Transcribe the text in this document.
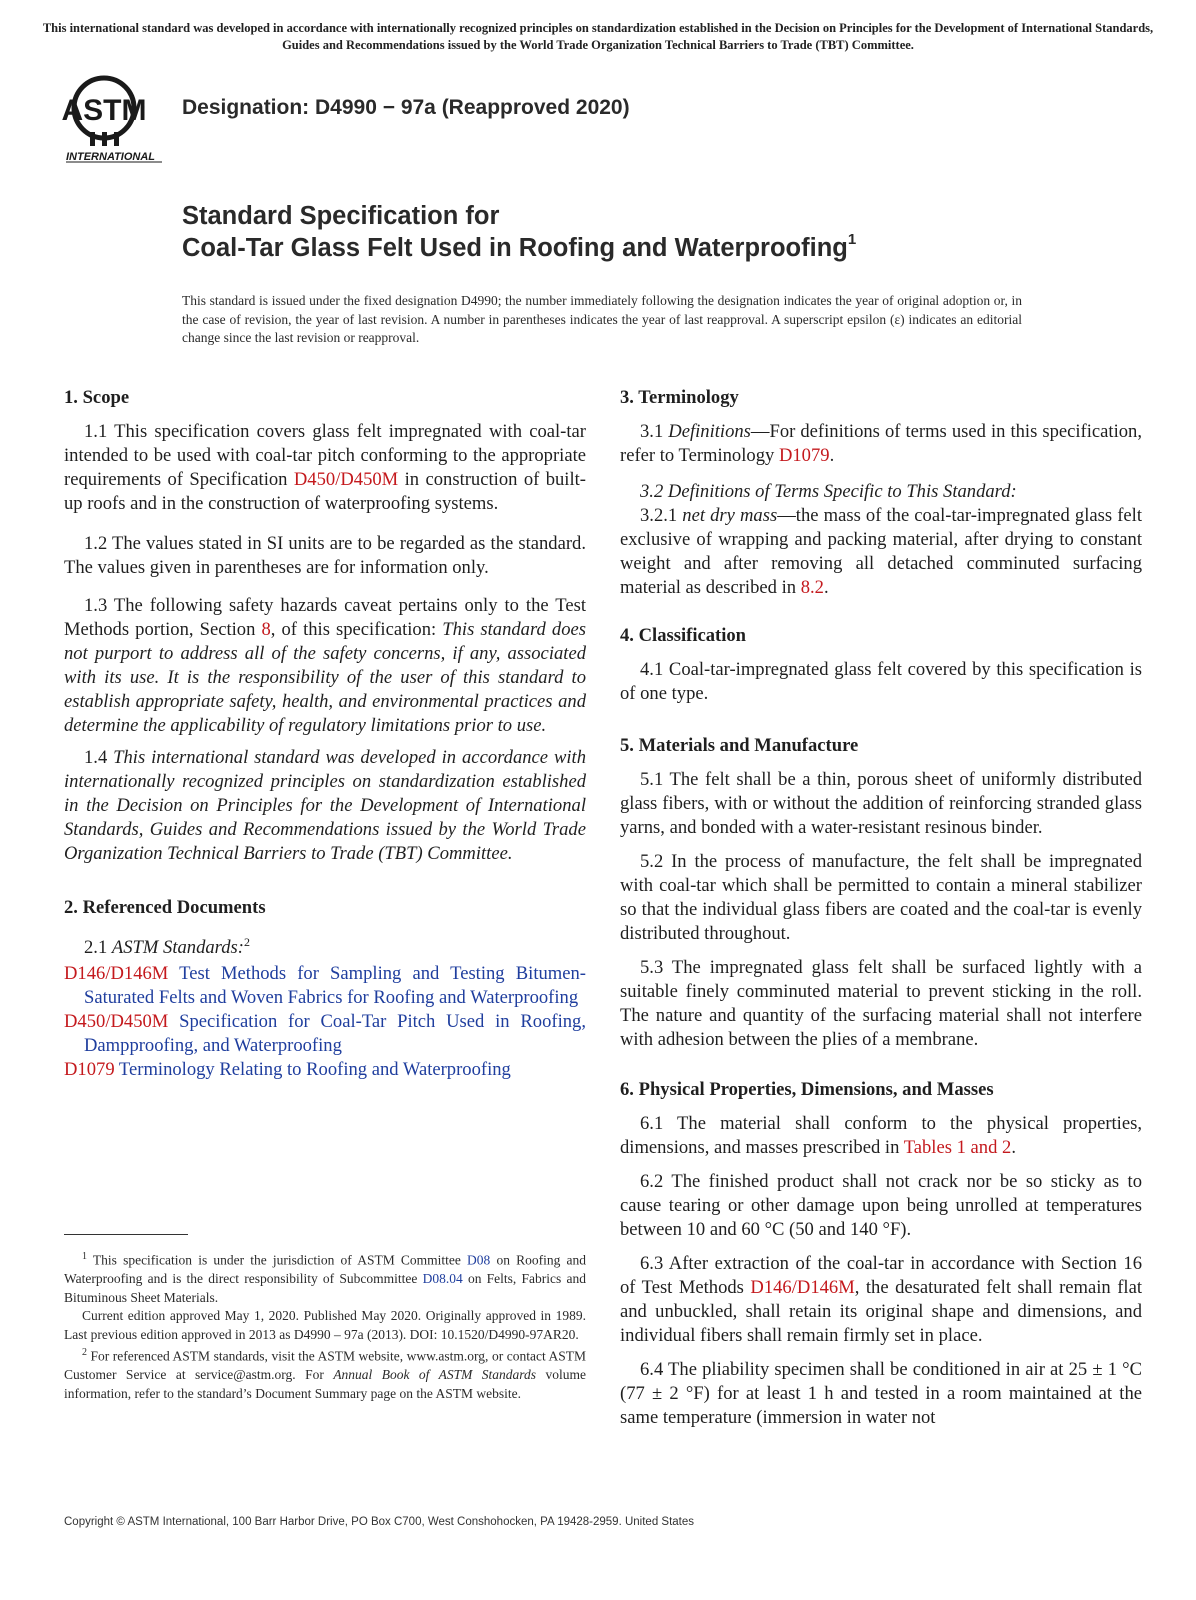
This international standard was developed in accordance with internationally recognized principles on standardization established in the Decision on Principles for the Development of International Standards, Guides and Recommendations issued by the World Trade Organization Technical Barriers to Trade (TBT) Committee.
ASTM
INTERNATIONAL
Designation: D4990 − 97a (Reapproved 2020)
Standard Specification for
Coal-Tar Glass Felt Used in Roofing and Waterproofing$^1$
This standard is issued under the fixed designation D4990; the number immediately following the designation indicates the year of original adoption or, in the case of revision, the year of last revision. A number in parentheses indicates the year of last reapproval. A superscript epsilon (ε) indicates an editorial change since the last revision or reapproval.
1. Scope

1.1 This specification covers glass felt impregnated with coal-tar intended to be used with coal-tar pitch conforming to the appropriate requirements of Specification D450/D450M in construction of built-up roofs and in the construction of waterproofing systems.

1.2 The values stated in SI units are to be regarded as the standard. The values given in parentheses are for information only.

1.3 The following safety hazards caveat pertains only to the Test Methods portion, Section 8, of this specification: This standard does not purport to address all of the safety concerns, if any, associated with its use. It is the responsibility of the user of this standard to establish appropriate safety, health, and environmental practices and determine the applicability of regulatory limitations prior to use.

1.4 This international standard was developed in accordance with internationally recognized principles on standardization established in the Decision on Principles for the Development of International Standards, Guides and Recommendations issued by the World Trade Organization Technical Barriers to Trade (TBT) Committee.

2. Referenced Documents

2.1 ASTM Standards:$^2$

D146/D146M Test Methods for Sampling and Testing Bitumen-Saturated Felts and Woven Fabrics for Roofing and Waterproofing

D450/D450M Specification for Coal-Tar Pitch Used in Roofing, Dampproofing, and Waterproofing

D1079 Terminology Relating to Roofing and Waterproofing

$^1$ This specification is under the jurisdiction of ASTM Committee D08 on Roofing and Waterproofing and is the direct responsibility of Subcommittee D08.04 on Felts, Fabrics and Bituminous Sheet Materials.

Current edition approved May 1, 2020. Published May 2020. Originally approved in 1989. Last previous edition approved in 2013 as D4990 – 97a (2013). DOI: 10.1520/D4990-97AR20.

$^2$ For referenced ASTM standards, visit the ASTM website, www.astm.org, or contact ASTM Customer Service at service@astm.org. For Annual Book of ASTM Standards volume information, refer to the standard’s Document Summary page on the ASTM website.

3. Terminology

3.1 Definitions—For definitions of terms used in this specification, refer to Terminology D1079.

3.2 Definitions of Terms Specific to This Standard:

3.2.1 net dry mass—the mass of the coal-tar-impregnated glass felt exclusive of wrapping and packing material, after drying to constant weight and after removing all detached comminuted surfacing material as described in 8.2.

4. Classification

4.1 Coal-tar-impregnated glass felt covered by this specification is of one type.

5. Materials and Manufacture

5.1 The felt shall be a thin, porous sheet of uniformly distributed glass fibers, with or without the addition of reinforcing stranded glass yarns, and bonded with a water-resistant resinous binder.

5.2 In the process of manufacture, the felt shall be impregnated with coal-tar which shall be permitted to contain a mineral stabilizer so that the individual glass fibers are coated and the coal-tar is evenly distributed throughout.

5.3 The impregnated glass felt shall be surfaced lightly with a suitable finely comminuted material to prevent sticking in the roll. The nature and quantity of the surfacing material shall not interfere with adhesion between the plies of a membrane.

6. Physical Properties, Dimensions, and Masses

6.1 The material shall conform to the physical properties, dimensions, and masses prescribed in Tables 1 and 2.

6.2 The finished product shall not crack nor be so sticky as to cause tearing or other damage upon being unrolled at temperatures between 10 and 60 °C (50 and 140 °F).

6.3 After extraction of the coal-tar in accordance with Section 16 of Test Methods D146/D146M, the desaturated felt shall remain flat and unbuckled, shall retain its original shape and dimensions, and individual fibers shall remain firmly set in place.

6.4 The pliability specimen shall be conditioned in air at 25 ± 1 °C (77 ± 2 °F) for at least 1 h and tested in a room maintained at the same temperature (immersion in water not

Copyright © ASTM International, 100 Barr Harbor Drive, PO Box C700, West Conshohocken, PA 19428-2959. United States
